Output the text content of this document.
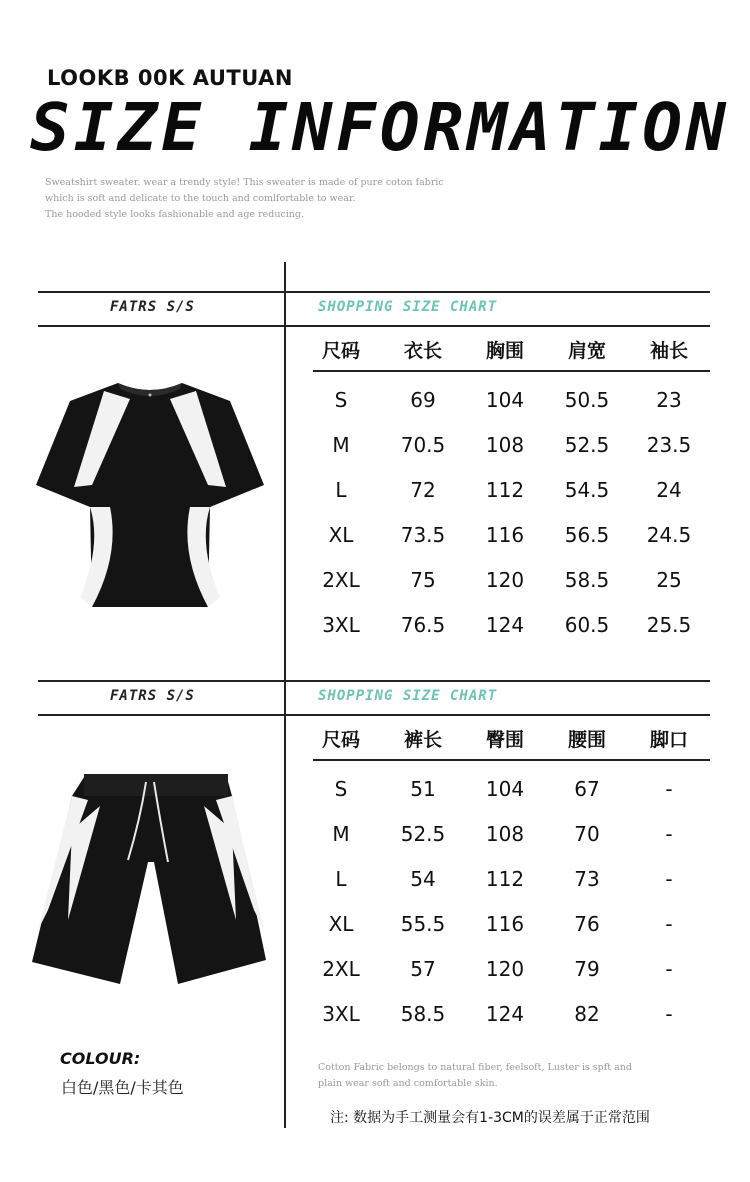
LOOKB 00K AUTUAN
SIZE INFORMATION
Sweatshirt sweater. wear a trendy style! This sweater is made of pure coton fabric
which is soft and delicate to the touch and comlfortable to wear.
The hooded style looks fashionable and age reducing.
FATRS S/S	SHOPPING SIZE CHART
尺码	衣长	胸围	肩宽	袖长
S	69	104	50.5	23
M	70.5	108	52.5	23.5
L	72	112	54.5	24
XL	73.5	116	56.5	24.5
2XL	75	120	58.5	25
3XL	76.5	124	60.5	25.5
FATRS S/S	SHOPPING SIZE CHART
尺码	裤长	臀围	腰围	脚口
S	51	104	67	-
M	52.5	108	70	-
L	54	112	73	-
XL	55.5	116	76	-
2XL	57	120	79	-
3XL	58.5	124	82	-
COLOUR:
白色/黑色/卡其色
Cotton Fabric belongs to natural fiber, feelsoft, Luster is spft and
plain wear soft and comfortable skin.
注: 数据为手工测量会有1-3CM的误差属于正常范围
